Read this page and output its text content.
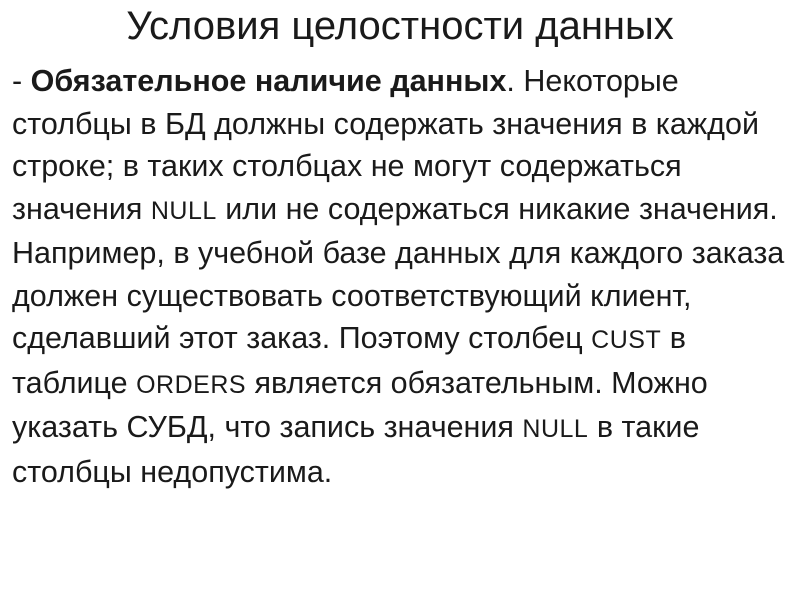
Условия целостности данных

- Обязательное наличие данных. Некоторые столбцы в БД должны содержать значения в каждой строке; в таких столбцах не могут содержаться значения NULL или не содержаться никакие значения. Например, в учебной базе данных для каждого заказа должен существовать соответствующий клиент, сделавший этот заказ. Поэтому столбец CUST в таблице ORDERS является обязательным. Можно указать СУБД, что запись значения NULL в такие столбцы недопустима.
